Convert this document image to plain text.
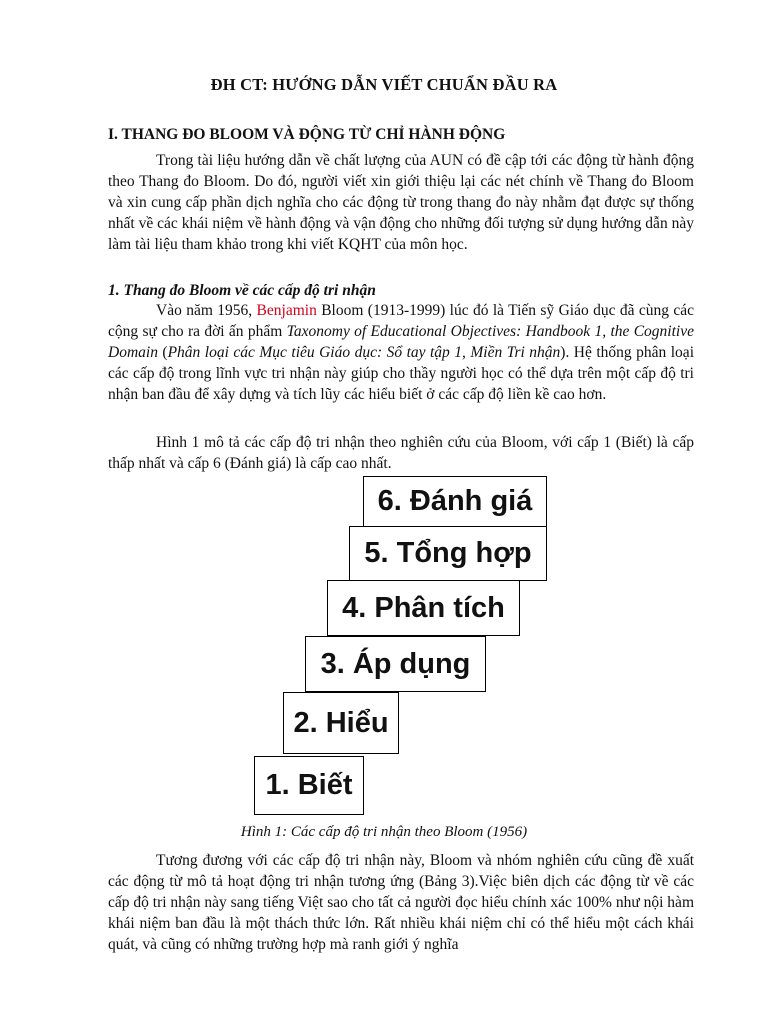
ĐH CT: HƯỚNG DẪN VIẾT CHUẨN ĐẦU RA
I. THANG ĐO BLOOM VÀ ĐỘNG TỪ CHỈ HÀNH ĐỘNG

Trong tài liệu hướng dẫn về chất lượng của AUN có đề cập tới các động từ hành động theo Thang đo Bloom. Do đó, người viết xin giới thiệu lại các nét chính về Thang đo Bloom và xin cung cấp phần dịch nghĩa cho các động từ trong thang đo này nhằm đạt được sự thống nhất về các khái niệm về hành động và vận động cho những đối tượng sử dụng hướng dẫn này làm tài liệu tham khảo trong khi viết KQHT của môn học.

1. Thang đo Bloom về các cấp độ tri nhận

Vào năm 1956, Benjamin Bloom (1913-1999) lúc đó là Tiến sỹ Giáo dục đã cùng các cộng sự cho ra đời ấn phẩm Taxonomy of Educational Objectives: Handbook 1, the Cognitive Domain (Phân loại các Mục tiêu Giáo dục: Sổ tay tập 1, Miền Tri nhận). Hệ thống phân loại các cấp độ trong lĩnh vực tri nhận này giúp cho thầy người học có thể dựa trên một cấp độ tri nhận ban đầu để xây dựng và tích lũy các hiểu biết ở các cấp độ liền kề cao hơn.

Hình 1 mô tả các cấp độ tri nhận theo nghiên cứu của Bloom, với cấp 1 (Biết) là cấp thấp nhất và cấp 6 (Đánh giá) là cấp cao nhất.

6. Đánh giá
5. Tổng hợp
4. Phân tích
3. Áp dụng
2. Hiểu
1. Biết
Hình 1: Các cấp độ tri nhận theo Bloom (1956)

Tương đương với các cấp độ tri nhận này, Bloom và nhóm nghiên cứu cũng đề xuất các động từ mô tả hoạt động tri nhận tương ứng (Bảng 3).Việc biên dịch các động từ về các cấp độ tri nhận này sang tiếng Việt sao cho tất cả người đọc hiểu chính xác 100% như nội hàm khái niệm ban đầu là một thách thức lớn. Rất nhiều khái niệm chỉ có thể hiểu một cách khái quát, và cũng có những trường hợp mà ranh giới ý nghĩa
